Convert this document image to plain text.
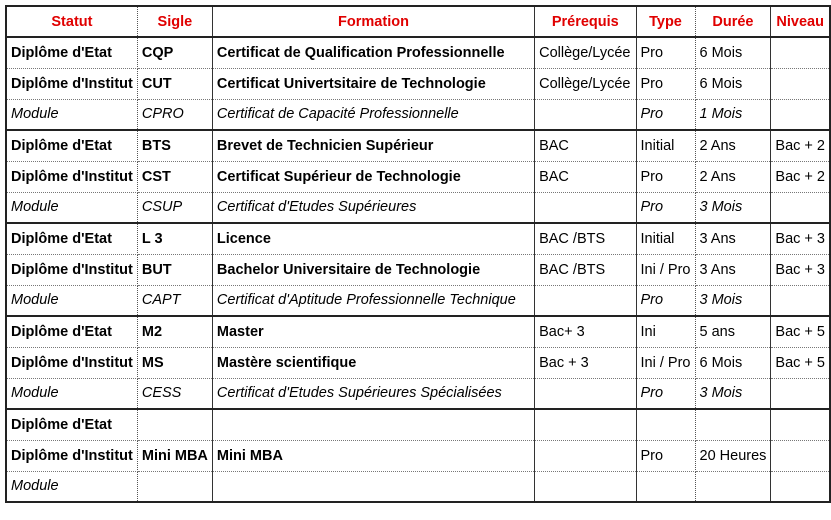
Statut	Sigle	Formation	Prérequis	Type	Durée	Niveau
Diplôme d'Etat	CQP	Certificat de Qualification Professionnelle	Collège/Lycée	Pro	6 Mois	
Diplôme d'Institut	CUT	Certificat Univertsitaire de Technologie	Collège/Lycée	Pro	6 Mois	
Module	CPRO	Certificat de Capacité Professionnelle		Pro	1 Mois	
Diplôme d'Etat	BTS	Brevet de Technicien Supérieur	BAC	Initial	2 Ans	Bac + 2
Diplôme d'Institut	CST	Certificat Supérieur de Technologie	BAC	Pro	2 Ans	Bac + 2
Module	CSUP	Certificat d'Etudes Supérieures		Pro	3 Mois	
Diplôme d'Etat	L 3	Licence	BAC /BTS	Initial	3 Ans	Bac + 3
Diplôme d'Institut	BUT	Bachelor Universitaire de Technologie	BAC /BTS	Ini / Pro	3 Ans	Bac + 3
Module	CAPT	Certificat d'Aptitude Professionnelle Technique		Pro	3 Mois	
Diplôme d'Etat	M2	Master	Bac+ 3	Ini	5 ans	Bac + 5
Diplôme d'Institut	MS	Mastère scientifique	Bac + 3	Ini / Pro	6 Mois	Bac + 5
Module	CESS	Certificat d'Etudes Supérieures Spécialisées		Pro	3 Mois	
Diplôme d'Etat						
Diplôme d'Institut	Mini MBA	Mini MBA		Pro	20 Heures	
Module						
